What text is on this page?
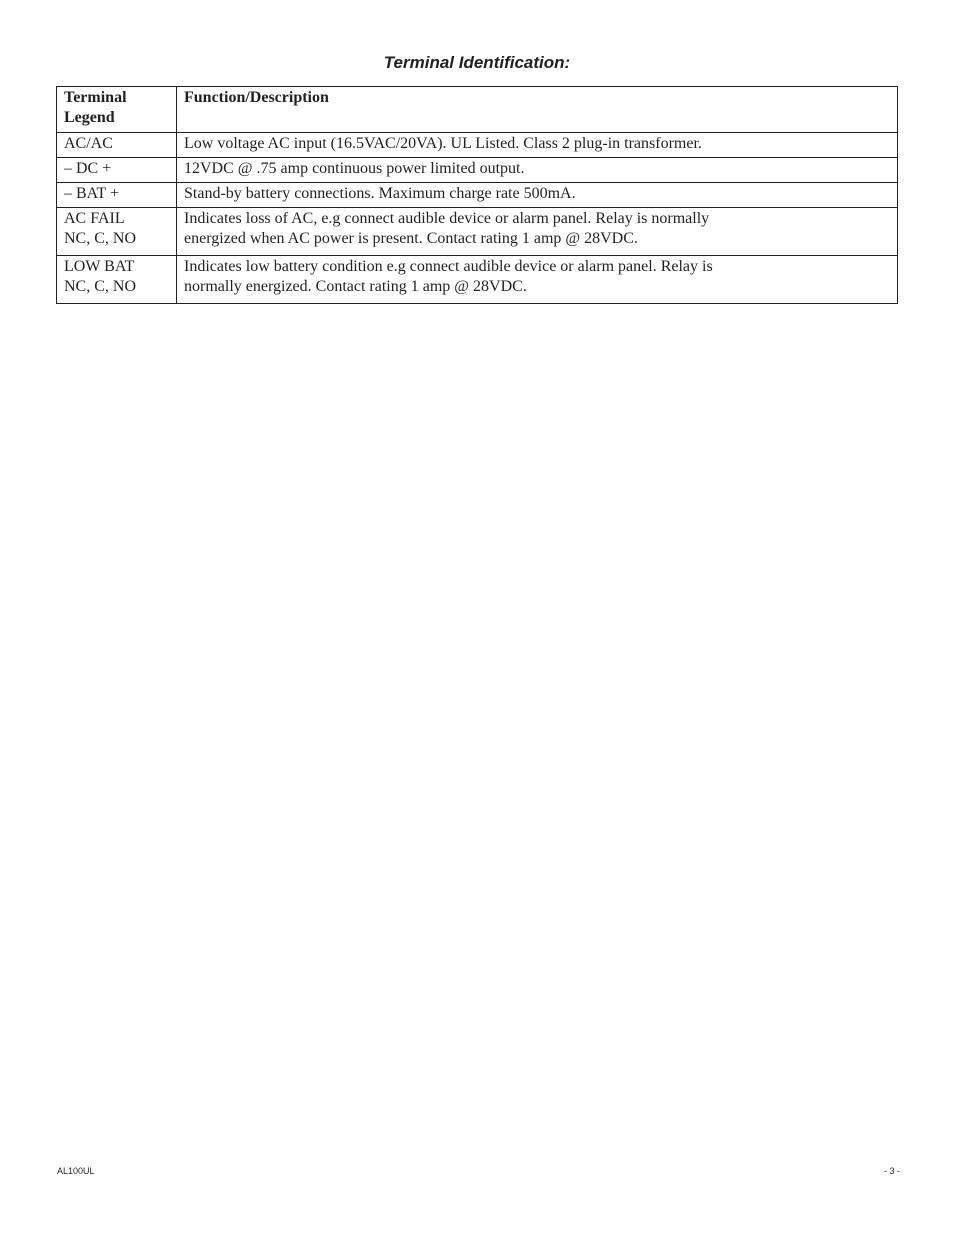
Terminal Identification:
Terminal
Legend	Function/Description
AC/AC	Low voltage AC input (16.5VAC/20VA). UL Listed. Class 2 plug-in transformer.
– DC +	12VDC @ .75 amp continuous power limited output.
– BAT +	Stand-by battery connections. Maximum charge rate 500mA.
AC FAIL
NC, C, NO	Indicates loss of AC, e.g connect audible device or alarm panel. Relay is normally
energized when AC power is present. Contact rating 1 amp @ 28VDC.
LOW BAT
NC, C, NO	Indicates low battery condition e.g connect audible device or alarm panel. Relay is
normally energized. Contact rating 1 amp @ 28VDC.
AL100UL	- 3 -
